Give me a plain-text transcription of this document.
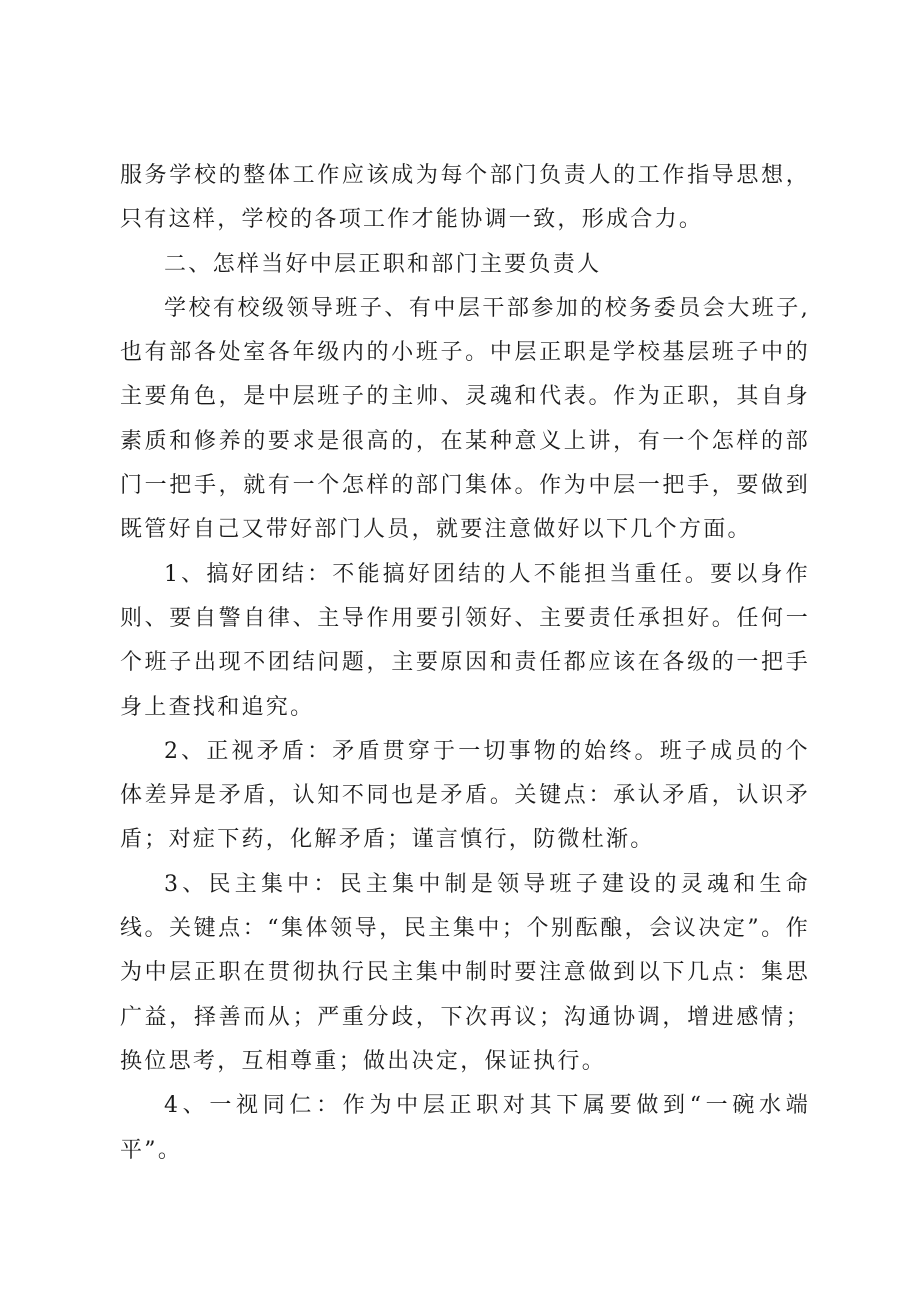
服务学校的整体工作应该成为每个部门负责人的工作指导思想，只有这样，学校的各项工作才能协调一致，形成合力。

二、怎样当好中层正职和部门主要负责人

学校有校级领导班子、有中层干部参加的校务委员会大班子,也有部各处室各年级内的小班子。中层正职是学校基层班子中的主要角色，是中层班子的主帅、灵魂和代表。作为正职，其自身素质和修养的要求是很高的，在某种意义上讲，有一个怎样的部门一把手，就有一个怎样的部门集体。作为中层一把手，要做到既管好自己又带好部门人员，就要注意做好以下几个方面。

1、搞好团结：不能搞好团结的人不能担当重任。要以身作则、要自警自律、主导作用要引领好、主要责任承担好。任何一个班子出现不团结问题，主要原因和责任都应该在各级的一把手身上查找和追究。

2、正视矛盾：矛盾贯穿于一切事物的始终。班子成员的个体差异是矛盾，认知不同也是矛盾。关键点：承认矛盾，认识矛盾；对症下药，化解矛盾；谨言慎行，防微杜渐。

3、民主集中：民主集中制是领导班子建设的灵魂和生命线。关键点：“集体领导，民主集中；个别酝酿，会议决定”。作为中层正职在贯彻执行民主集中制时要注意做到以下几点：集思广益，择善而从；严重分歧，下次再议；沟通协调，增进感情；换位思考，互相尊重；做出决定，保证执行。

4、一视同仁：作为中层正职对其下属要做到“一碗水端平”。
